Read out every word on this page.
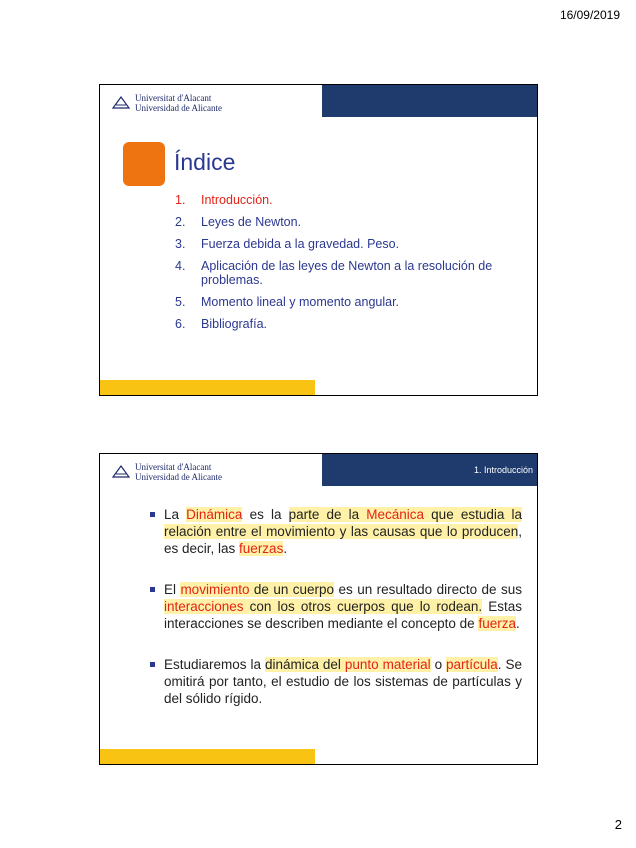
16/09/2019
Universitat d'Alacant
Universidad de Alicante
Índice
1.	Introducción.
2.	Leyes de Newton.
3.	Fuerza debida a la gravedad. Peso.
4.	Aplicación de las leyes de Newton a la resolución de problemas.
5.	Momento lineal y momento angular.
6.	Bibliografía.
Universitat d'Alacant
Universidad de Alicante
1. Introducción
La Dinámica es la parte de la Mecánica que estudia la relación entre el movimiento y las causas que lo producen, es decir, las fuerzas.
El movimiento de un cuerpo es un resultado directo de sus interacciones con los otros cuerpos que lo rodean. Estas interacciones se describen mediante el concepto de fuerza.
Estudiaremos la dinámica del punto material o partícula. Se omitirá por tanto, el estudio de los sistemas de partículas y del sólido rígido.
2
